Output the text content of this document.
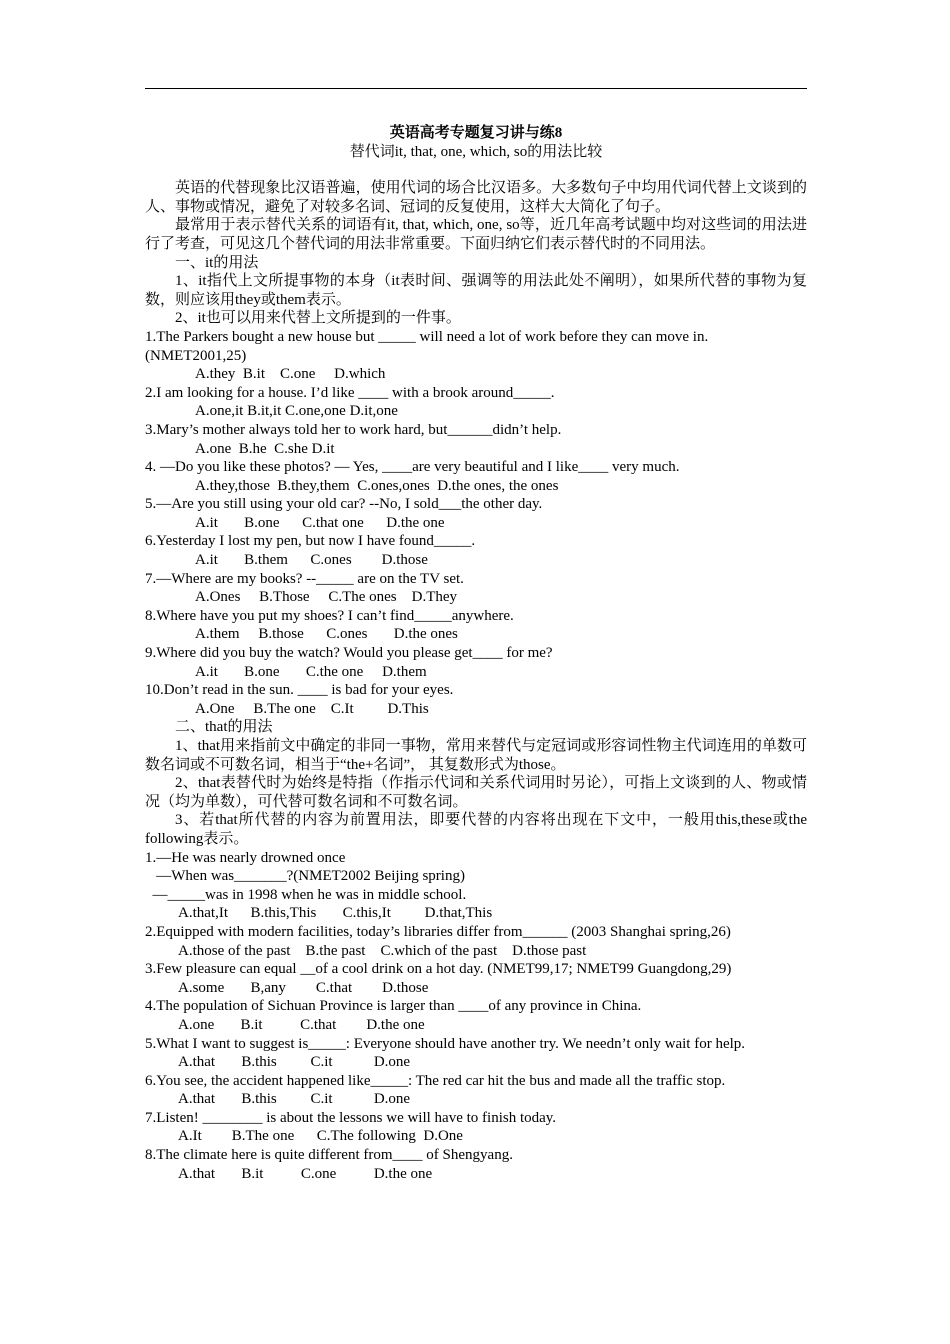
英语高考专题复习讲与练8
替代词it, that, one, which, so的用法比较

英语的代替现象比汉语普遍，使用代词的场合比汉语多。大多数句子中均用代词代替上文谈到的人、事物或情况，避免了对较多名词、冠词的反复使用，这样大大简化了句子。

最常用于表示替代关系的词语有it, that, which, one, so等，近几年高考试题中均对这些词的用法进行了考查，可见这几个替代词的用法非常重要。下面归纳它们表示替代时的不同用法。

一、it的用法

1、it指代上文所提事物的本身（it表时间、强调等的用法此处不阐明），如果所代替的事物为复数，则应该用they或them表示。

2、it也可以用来代替上文所提到的一件事。

1.The Parkers bought a new house but _____ will need a lot of work before they can move in. (NMET2001,25)

A.they  B.it    C.one     D.which

2.I am looking for a house. I’d like ____ with a brook around_____.

A.one,it B.it,it C.one,one D.it,one

3.Mary’s mother always told her to work hard, but______didn’t help.

A.one  B.he  C.she D.it

4. —Do you like these photos? — Yes, ____are very beautiful and I like____ very much.

A.they,those  B.they,them  C.ones,ones  D.the ones, the ones

5.—Are you still using your old car? --No, I sold___the other day.

A.it       B.one      C.that one      D.the one

6.Yesterday I lost my pen, but now I have found_____.

A.it       B.them      C.ones        D.those

7.—Where are my books? --_____ are on the TV set.

A.Ones     B.Those     C.The ones    D.They

8.Where have you put my shoes? I can’t find_____anywhere.

A.them     B.those      C.ones       D.the ones

9.Where did you buy the watch? Would you please get____ for me?

A.it       B.one       C.the one     D.them

10.Don’t read in the sun. ____ is bad for your eyes.

A.One     B.The one    C.It         D.This

二、that的用法

1、that用来指前文中确定的非同一事物，常用来替代与定冠词或形容词性物主代词连用的单数可数名词或不可数名词，相当于“the+名词”， 其复数形式为those。

2、that表替代时为始终是特指（作指示代词和关系代词用时另论），可指上文谈到的人、物或情况（均为单数），可代替可数名词和不可数名词。

3、若that所代替的内容为前置用法，即要代替的内容将出现在下文中，一般用this,these或the following表示。

1.—He was nearly drowned once

—When was_______?(NMET2002 Beijing spring)

—_____was in 1998 when he was in middle school.

A.that,It      B.this,This       C.this,It         D.that,This

2.Equipped with modern facilities, today’s libraries differ from______ (2003 Shanghai spring,26)

A.those of the past    B.the past    C.which of the past    D.those past

3.Few pleasure can equal __of a cool drink on a hot day. (NMET99,17; NMET99 Guangdong,29)

A.some       B,any        C.that        D.those

4.The population of Sichuan Province is larger than ____of any province in China.

A.one       B.it          C.that        D.the one

5.What I want to suggest is_____: Everyone should have another try. We needn’t only wait for help.

A.that       B.this         C.it           D.one

6.You see, the accident happened like_____: The red car hit the bus and made all the traffic stop.

A.that       B.this         C.it           D.one

7.Listen! ________ is about the lessons we will have to finish today.

A.It        B.The one      C.The following  D.One

8.The climate here is quite different from____ of Shengyang.

A.that       B.it          C.one          D.the one
